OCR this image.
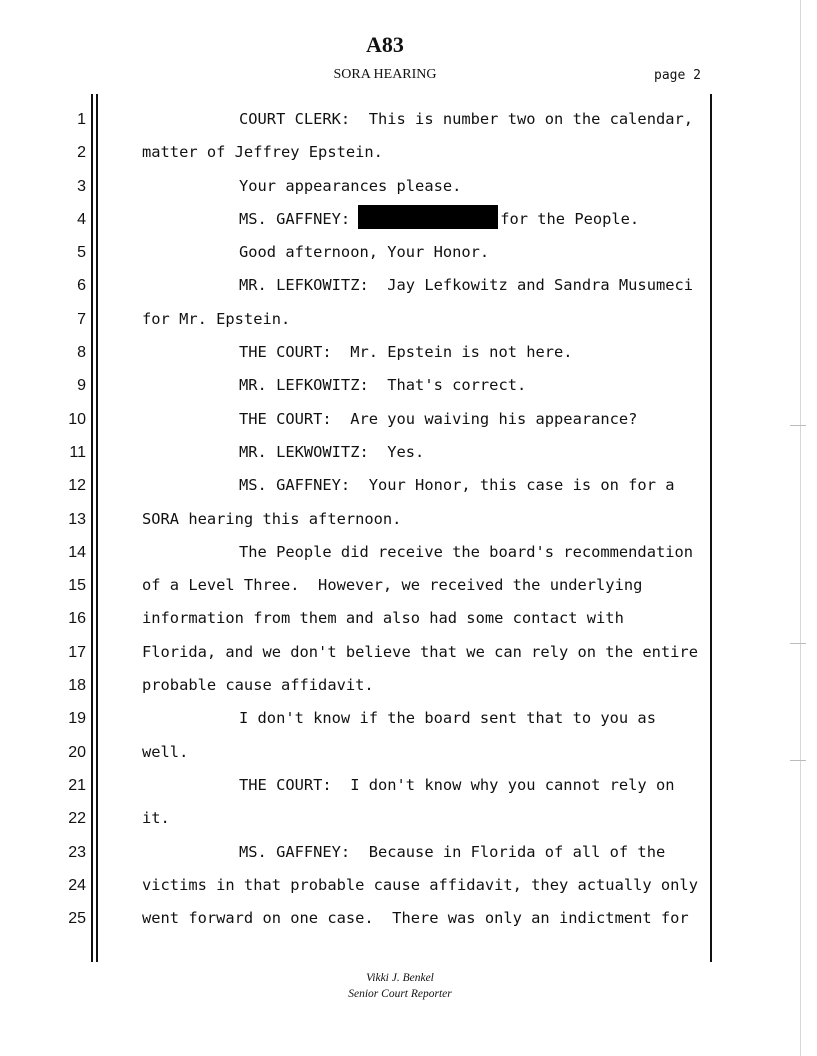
A83
SORA HEARING	page 2
1	COURT CLERK:  This is number two on the calendar,
2	matter of Jeffrey Epstein.
3	Your appearances please.
4	MS. GAFFNEY:	for the People.
5	Good afternoon, Your Honor.
6	MR. LEFKOWITZ:  Jay Lefkowitz and Sandra Musumeci
7	for Mr. Epstein.
8	THE COURT:  Mr. Epstein is not here.
9	MR. LEFKOWITZ:  That's correct.
10	THE COURT:  Are you waiving his appearance?
11	MR. LEKWOWITZ:  Yes.
12	MS. GAFFNEY:  Your Honor, this case is on for a
13	SORA hearing this afternoon.
14	The People did receive the board's recommendation
15	of a Level Three.  However, we received the underlying
16	information from them and also had some contact with
17	Florida, and we don't believe that we can rely on the entire
18	probable cause affidavit.
19	I don't know if the board sent that to you as
20	well.
21	THE COURT:  I don't know why you cannot rely on
22	it.
23	MS. GAFFNEY:  Because in Florida of all of the
24	victims in that probable cause affidavit, they actually only
25	went forward on one case.  There was only an indictment for
Vikki J. Benkel
Senior Court Reporter
